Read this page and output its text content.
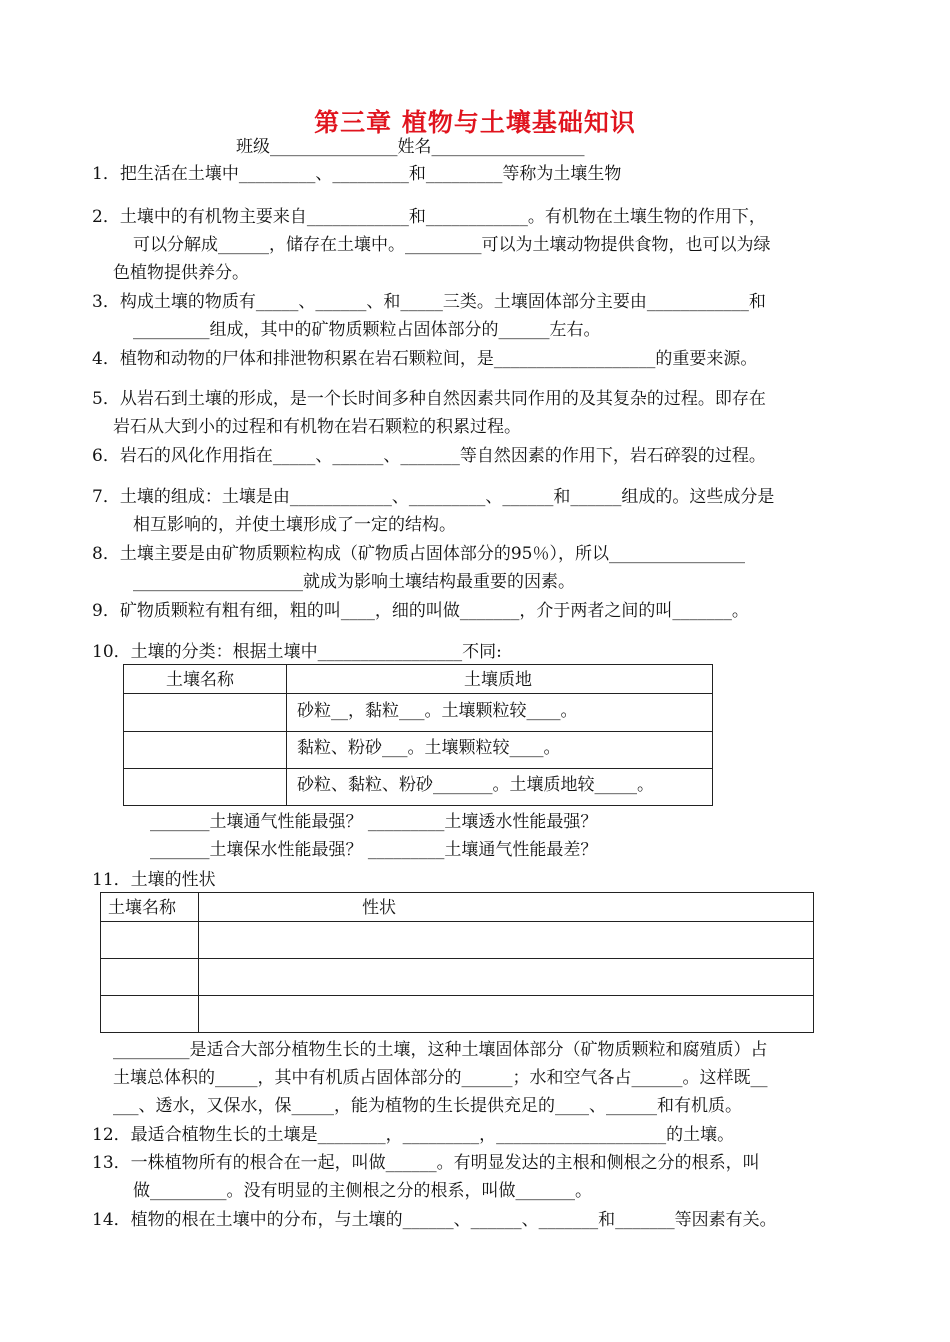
第三章 植物与土壤基础知识
班级_______________姓名__________________
1．把生活在土壤中_________、_________和_________等称为土壤生物
2．土壤中的有机物主要来自____________和____________。有机物在土壤生物的作用下，
可以分解成______，储存在土壤中。_________可以为土壤动物提供食物，也可以为绿
色植物提供养分。
3．构成土壤的物质有_____、______、和_____三类。土壤固体部分主要由____________和
_________组成，其中的矿物质颗粒占固体部分的______左右。
4．植物和动物的尸体和排泄物积累在岩石颗粒间，是___________________的重要来源。
5．从岩石到土壤的形成，是一个长时间多种自然因素共同作用的及其复杂的过程。即存在
岩石从大到小的过程和有机物在岩石颗粒的积累过程。
6．岩石的风化作用指在_____、______、_______等自然因素的作用下，岩石碎裂的过程。
7．土壤的组成：土壤是由____________、_________、______和______组成的。这些成分是
相互影响的，并使土壤形成了一定的结构。
8．土壤主要是由矿物质颗粒构成（矿物质占固体部分的95％），所以________________
____________________就成为影响土壤结构最重要的因素。
9．矿物质颗粒有粗有细，粗的叫____，细的叫做_______，介于两者之间的叫_______。
10．土壤的分类：根据土壤中_________________不同:

土壤名称	土壤质地
砂粒__，黏粒___。土壤颗粒较____。
黏粒、粉砂___。土壤颗粒较____。
砂粒、黏粒、粉砂_______。土壤质地较_____。
_______土壤通气性能最强？ _________土壤透水性能最强？
_______土壤保水性能最强？ _________土壤通气性能最差？
11．土壤的性状

土壤名称	性状
_________是适合大部分植物生长的土壤，这种土壤固体部分（矿物质颗粒和腐殖质）占
土壤总体积的_____，其中有机质占固体部分的______；水和空气各占______。这样既__
___、透水，又保水，保_____，能为植物的生长提供充足的____、______和有机质。
12．最适合植物生长的土壤是________，_________，____________________的土壤。
13．一株植物所有的根合在一起，叫做______。有明显发达的主根和侧根之分的根系，叫
做_________。没有明显的主侧根之分的根系，叫做_______。
14．植物的根在土壤中的分布，与土壤的______、______、_______和_______等因素有关。
